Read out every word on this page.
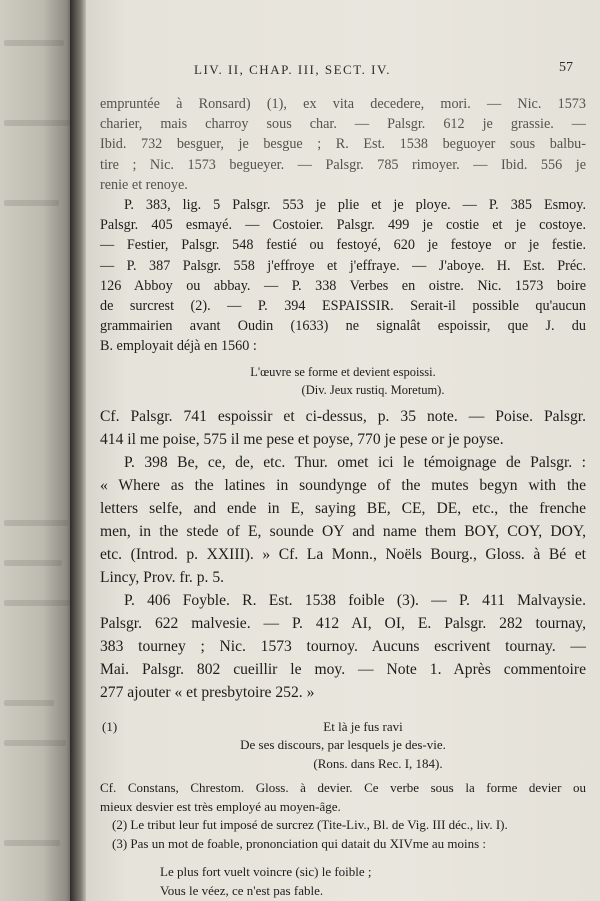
LIV. II, CHAP. III, SECT. IV.	57
empruntée à Ronsard) (1), ex vita decedere, mori. — Nic. 1573
charier, mais charroy sous char. — Palsgr. 612 je grassie. —
Ibid. 732 besguer, je besgue ; R. Est. 1538 beguoyer sous balbu-
tire ; Nic. 1573 begueyer. — Palsgr. 785 rimoyer. — Ibid. 556 je
renie et renoye.
P. 383, lig. 5 Palsgr. 553 je plie et je ploye. — P. 385 Esmoy.
Palsgr. 405 esmayé. — Costoier. Palsgr. 499 je costie et je costoye.
— Festier, Palsgr. 548 festié ou festoyé, 620 je festoye or je festie.
— P. 387 Palsgr. 558 j'effroye et j'effraye. — J'aboye. H. Est. Préc.
126 Abboy ou abbay. — P. 338 Verbes en oistre. Nic. 1573 boire
de surcrest (2). — P. 394 ESPAISSIR. Serait-il possible qu'aucun
grammairien avant Oudin (1633) ne signalât espoissir, que J. du
B. employait déjà en 1560 :
L'œuvre se forme et devient espoissi.
(Div. Jeux rustiq. Moretum).
Cf. Palsgr. 741 espoissir et ci-dessus, p. 35 note. — Poise. Palsgr.
414 il me poise, 575 il me pese et poyse, 770 je pese or je poyse.
P. 398 Be, ce, de, etc. Thur. omet ici le témoignage de Palsgr. :
« Where as the latines in soundynge of the mutes begyn with the
letters selfe, and ende in E, saying BE, CE, DE, etc., the frenche
men, in the stede of E, sounde OY and name them BOY, COY, DOY,
etc. (Introd. p. XXIII). » Cf. La Monn., Noëls Bourg., Gloss. à Bé et
Lincy, Prov. fr. p. 5.
P. 406 Foyble. R. Est. 1538 foible (3). — P. 411 Malvaysie.
Palsgr. 622 malvesie. — P. 412 AI, OI, E. Palsgr. 282 tournay,
383 tourney ; Nic. 1573 tournoy. Aucuns escrivent tournay. —
Mai. Palsgr. 802 cueillir le moy. — Note 1. Après commentoire
277 ajouter « et presbytoire 252. »
(1)	Et là je fus ravi
De ses discours, par lesquels je des-vie.
(Rons. dans Rec. I, 184).
Cf. Constans, Chrestom. Gloss. à devier. Ce verbe sous la forme devier ou
mieux desvier est très employé au moyen-âge.
(2) Le tribut leur fut imposé de surcrez (Tite-Liv., Bl. de Vig. III déc., liv. I).
(3) Pas un mot de foable, prononciation qui datait du XIVme au moins :
Le plus fort vuelt voincre (sic) le foible ;
Vous le véez, ce n'est pas fable.
